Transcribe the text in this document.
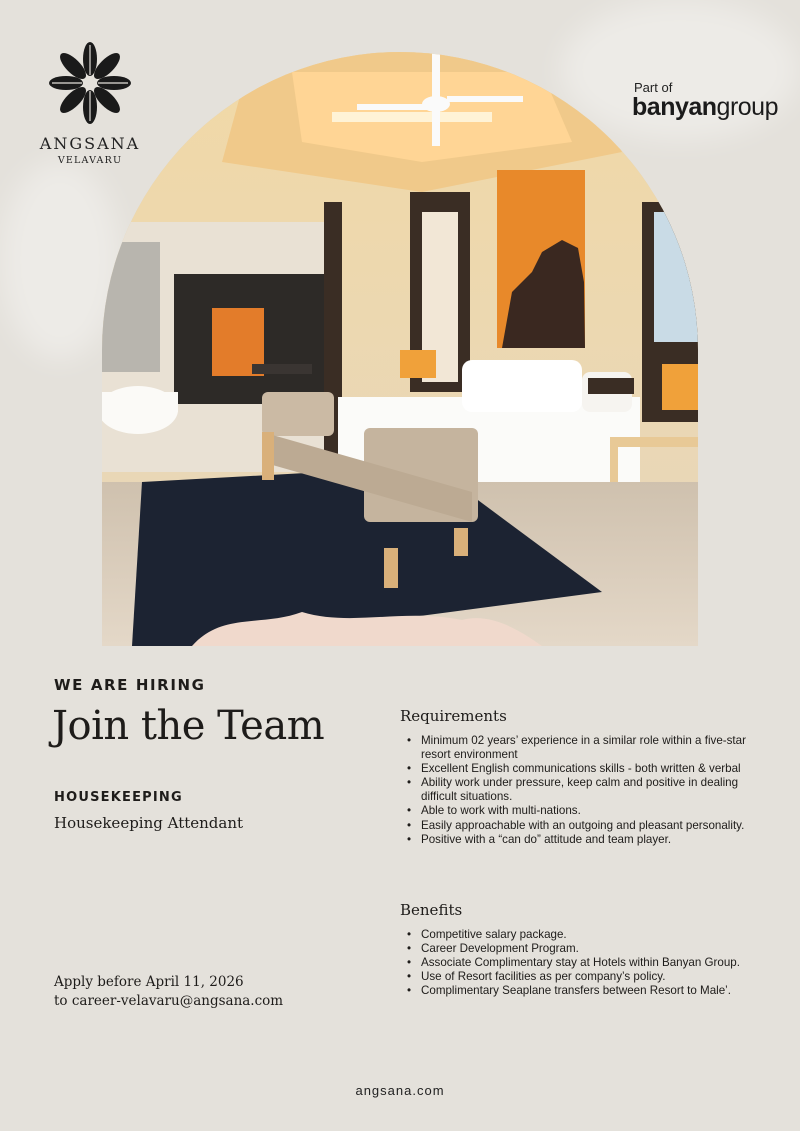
ANGSANA
VELAVARU
Part of
banyangroup
WE ARE HIRING
Join the Team
HOUSEKEEPING
Housekeeping Attendant
Apply before April 11, 2026
to career-velavaru@angsana.com
Requirements
• Minimum 02 years’ experience in a similar role within a five-star resort environment
• Excellent English communications skills - both written & verbal
• Ability work under pressure, keep calm and positive in dealing difficult situations.
• Able to work with multi-nations.
• Easily approachable with an outgoing and pleasant personality.
• Positive with a “can do” attitude and team player.
Benefits
• Competitive salary package.
• Career Development Program.
• Associate Complimentary stay at Hotels within Banyan Group.
• Use of Resort facilities as per company’s policy.
• Complimentary Seaplane transfers between Resort to Male’.
angsana.com
